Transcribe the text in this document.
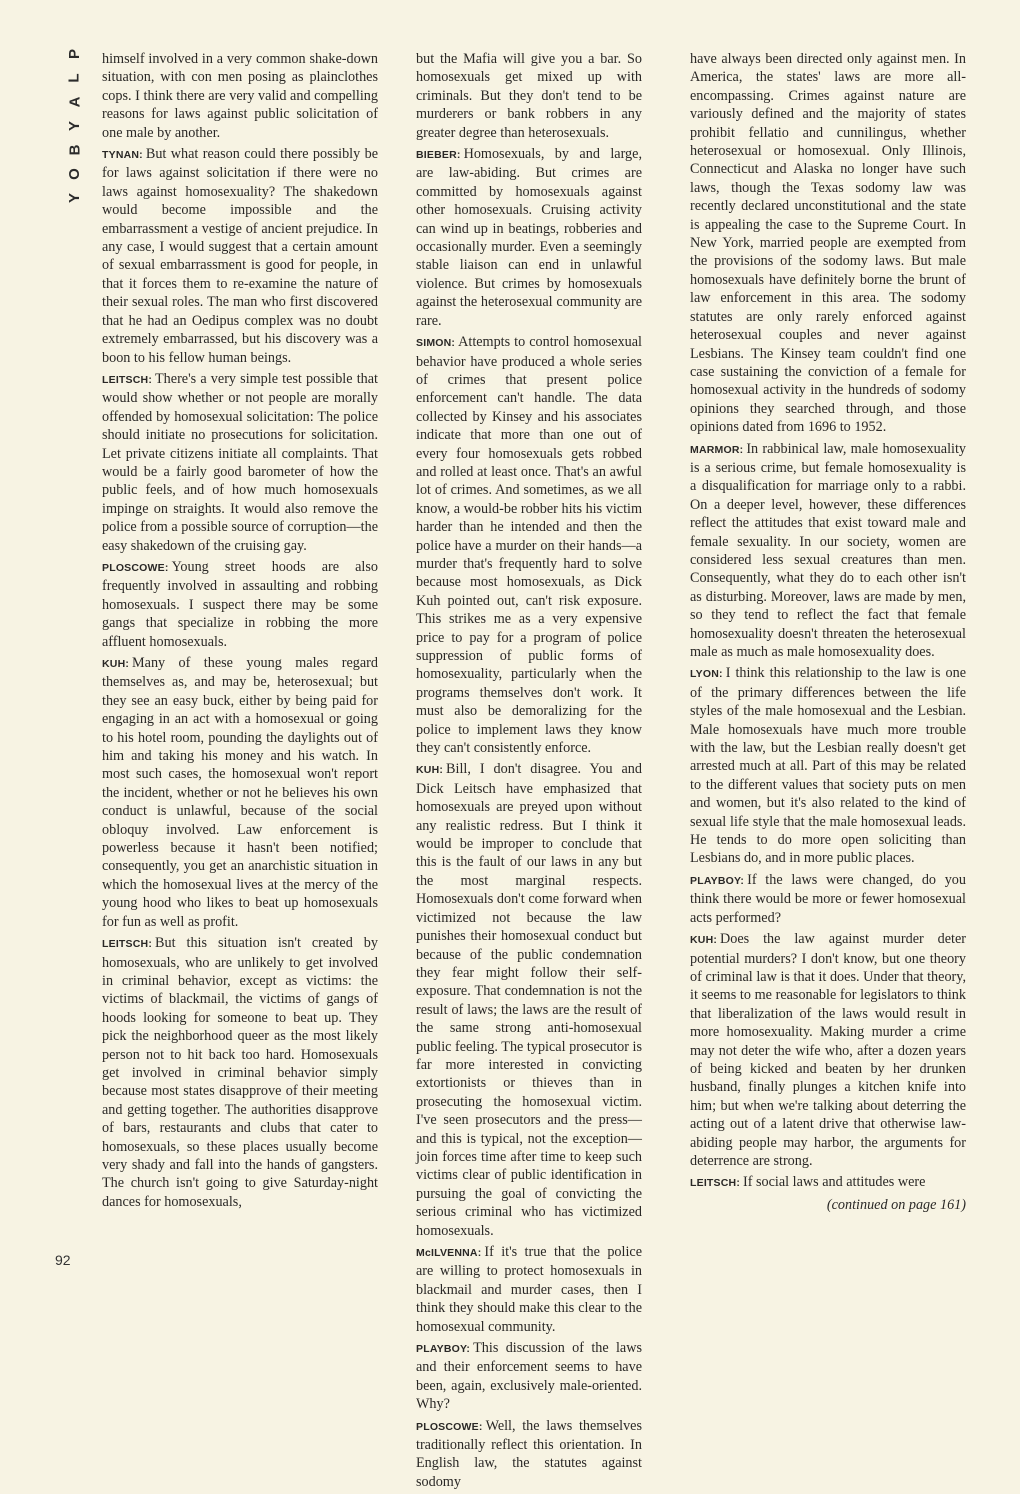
P
L
A
Y
B
O
Y
92

himself involved in a very common shake-down situation, with con men posing as plainclothes cops. I think there are very valid and compelling reasons for laws against public solicitation of one male by another.

TYNAN: But what reason could there possibly be for laws against solicitation if there were no laws against homosexuality? The shakedown would become impossible and the embarrassment a vestige of ancient prejudice. In any case, I would suggest that a certain amount of sexual embarrassment is good for people, in that it forces them to re-examine the nature of their sexual roles. The man who first discovered that he had an Oedipus complex was no doubt extremely embarrassed, but his discovery was a boon to his fellow human beings.

LEITSCH: There's a very simple test possible that would show whether or not people are morally offended by homosexual solicitation: The police should initiate no prosecutions for solicitation. Let private citizens initiate all complaints. That would be a fairly good barometer of how the public feels, and of how much homosexuals impinge on straights. It would also remove the police from a possible source of corruption—the easy shakedown of the cruising gay.

PLOSCOWE: Young street hoods are also frequently involved in assaulting and robbing homosexuals. I suspect there may be some gangs that specialize in robbing the more affluent homosexuals.

KUH: Many of these young males regard themselves as, and may be, heterosexual; but they see an easy buck, either by being paid for engaging in an act with a homosexual or going to his hotel room, pounding the daylights out of him and taking his money and his watch. In most such cases, the homosexual won't report the incident, whether or not he believes his own conduct is unlawful, because of the social obloquy involved. Law enforcement is powerless because it hasn't been notified; consequently, you get an anarchistic situation in which the homosexual lives at the mercy of the young hood who likes to beat up homosexuals for fun as well as profit.

LEITSCH: But this situation isn't created by homosexuals, who are unlikely to get involved in criminal behavior, except as victims: the victims of blackmail, the victims of gangs of hoods looking for someone to beat up. They pick the neighborhood queer as the most likely person not to hit back too hard. Homosexuals get involved in criminal behavior simply because most states disapprove of their meeting and getting together. The authorities disapprove of bars, restaurants and clubs that cater to homosexuals, so these places usually become very shady and fall into the hands of gangsters. The church isn't going to give Saturday-night dances for homosexuals,

but the Mafia will give you a bar. So homosexuals get mixed up with criminals. But they don't tend to be murderers or bank robbers in any greater degree than heterosexuals.

BIEBER: Homosexuals, by and large, are law-abiding. But crimes are committed by homosexuals against other homosexuals. Cruising activity can wind up in beatings, robberies and occasionally murder. Even a seemingly stable liaison can end in unlawful violence. But crimes by homosexuals against the heterosexual community are rare.

SIMON: Attempts to control homosexual behavior have produced a whole series of crimes that present police enforcement can't handle. The data collected by Kinsey and his associates indicate that more than one out of every four homosexuals gets robbed and rolled at least once. That's an awful lot of crimes. And sometimes, as we all know, a would-be robber hits his victim harder than he intended and then the police have a murder on their hands—a murder that's frequently hard to solve because most homosexuals, as Dick Kuh pointed out, can't risk exposure. This strikes me as a very expensive price to pay for a program of police suppression of public forms of homosexuality, particularly when the programs themselves don't work. It must also be demoralizing for the police to implement laws they know they can't consistently enforce.

KUH: Bill, I don't disagree. You and Dick Leitsch have emphasized that homosexuals are preyed upon without any realistic redress. But I think it would be improper to conclude that this is the fault of our laws in any but the most marginal respects. Homosexuals don't come forward when victimized not because the law punishes their homosexual conduct but because of the public condemnation they fear might follow their self-exposure. That condemnation is not the result of laws; the laws are the result of the same strong anti-homosexual public feeling. The typical prosecutor is far more interested in convicting extortionists or thieves than in prosecuting the homosexual victim. I've seen prosecutors and the press—and this is typical, not the exception—join forces time after time to keep such victims clear of public identification in pursuing the goal of convicting the serious criminal who has victimized homosexuals.

McILVENNA: If it's true that the police are willing to protect homosexuals in blackmail and murder cases, then I think they should make this clear to the homosexual community.

PLAYBOY: This discussion of the laws and their enforcement seems to have been, again, exclusively male-oriented. Why?

PLOSCOWE: Well, the laws themselves traditionally reflect this orientation. In English law, the statutes against sodomy

have always been directed only against men. In America, the states' laws are more all-encompassing. Crimes against nature are variously defined and the majority of states prohibit fellatio and cunnilingus, whether heterosexual or homosexual. Only Illinois, Connecticut and Alaska no longer have such laws, though the Texas sodomy law was recently declared unconstitutional and the state is appealing the case to the Supreme Court. In New York, married people are exempted from the provisions of the sodomy laws. But male homosexuals have definitely borne the brunt of law enforcement in this area. The sodomy statutes are only rarely enforced against heterosexual couples and never against Lesbians. The Kinsey team couldn't find one case sustaining the conviction of a female for homosexual activity in the hundreds of sodomy opinions they searched through, and those opinions dated from 1696 to 1952.

MARMOR: In rabbinical law, male homosexuality is a serious crime, but female homosexuality is a disqualification for marriage only to a rabbi. On a deeper level, however, these differences reflect the attitudes that exist toward male and female sexuality. In our society, women are considered less sexual creatures than men. Consequently, what they do to each other isn't as disturbing. Moreover, laws are made by men, so they tend to reflect the fact that female homosexuality doesn't threaten the heterosexual male as much as male homosexuality does.

LYON: I think this relationship to the law is one of the primary differences between the life styles of the male homosexual and the Lesbian. Male homosexuals have much more trouble with the law, but the Lesbian really doesn't get arrested much at all. Part of this may be related to the different values that society puts on men and women, but it's also related to the kind of sexual life style that the male homosexual leads. He tends to do more open soliciting than Lesbians do, and in more public places.

PLAYBOY: If the laws were changed, do you think there would be more or fewer homosexual acts performed?

KUH: Does the law against murder deter potential murders? I don't know, but one theory of criminal law is that it does. Under that theory, it seems to me reasonable for legislators to think that liberalization of the laws would result in more homosexuality. Making murder a crime may not deter the wife who, after a dozen years of being kicked and beaten by her drunken husband, finally plunges a kitchen knife into him; but when we're talking about deterring the acting out of a latent drive that otherwise law-abiding people may harbor, the arguments for deterrence are strong.

LEITSCH: If social laws and attitudes were

(continued on page 161)
